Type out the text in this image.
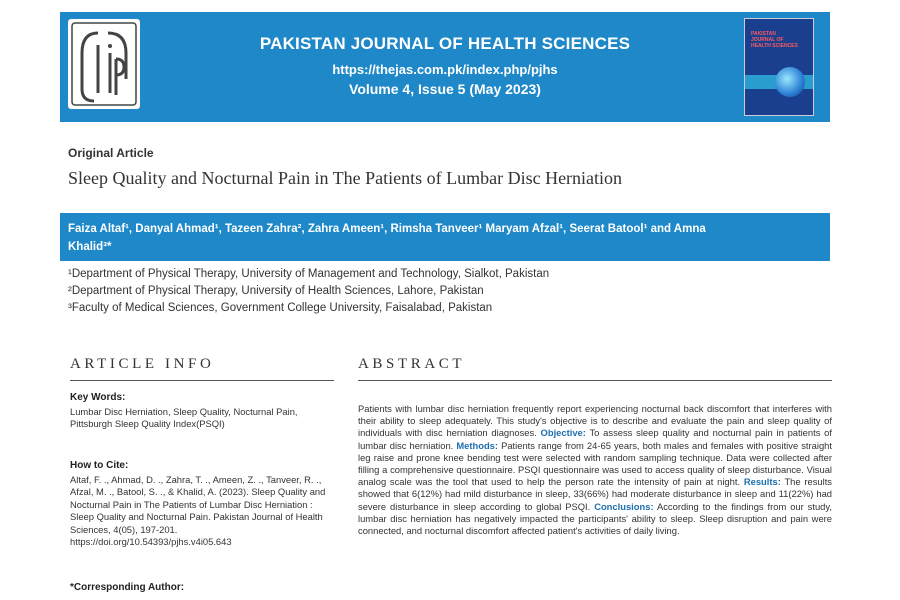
PAKISTAN JOURNAL OF HEALTH SCIENCES
https://thejas.com.pk/index.php/pjhs
Volume 4, Issue 5 (May 2023)
PAKISTAN
JOURNAL OF
HEALTH SCIENCES
Original Article
Sleep Quality and Nocturnal Pain in The Patients of Lumbar Disc Herniation
Faiza Altaf¹, Danyal Ahmad¹, Tazeen Zahra², Zahra Ameen¹, Rimsha Tanveer¹ Maryam Afzal¹, Seerat Batool¹ and Amna
Khalid³*
¹Department of Physical Therapy, University of Management and Technology, Sialkot, Pakistan
²Department of Physical Therapy, University of Health Sciences, Lahore, Pakistan
³Faculty of Medical Sciences, Government College University, Faisalabad, Pakistan
ARTICLE INFO	ABSTRACT
Key Words:
Lumbar Disc Herniation, Sleep Quality, Nocturnal Pain, Pittsburgh Sleep Quality Index(PSQI)
How to Cite:
Altaf, F. ., Ahmad, D. ., Zahra, T. ., Ameen, Z. ., Tanveer, R. ., Afzal, M. ., Batool, S. ., & Khalid, A. (2023). Sleep Quality and Nocturnal Pain in The Patients of Lumbar Disc Herniation : Sleep Quality and Nocturnal Pain. Pakistan Journal of Health Sciences, 4(05), 197-201. https://doi.org/10.54393/pjhs.v4i05.643
*Corresponding Author:
Patients with lumbar disc herniation frequently report experiencing nocturnal back discomfort that interferes with their ability to sleep adequately. This study's objective is to describe and evaluate the pain and sleep quality of individuals with disc herniation diagnoses. Objective: To assess sleep quality and nocturnal pain in patients of lumbar disc herniation. Methods: Patients range from 24-65 years, both males and females with positive straight leg raise and prone knee bending test were selected with random sampling technique. Data were collected after filling a comprehensive questionnaire. PSQI questionnaire was used to access quality of sleep disturbance. Visual analog scale was the tool that used to help the person rate the intensity of pain at night. Results: The results showed that 6(12%) had mild disturbance in sleep, 33(66%) had moderate disturbance in sleep and 11(22%) had severe disturbance in sleep according to global PSQI. Conclusions: According to the findings from our study, lumbar disc herniation has negatively impacted the participants' ability to sleep. Sleep disruption and pain were connected, and nocturnal discomfort affected patient's activities of daily living.
